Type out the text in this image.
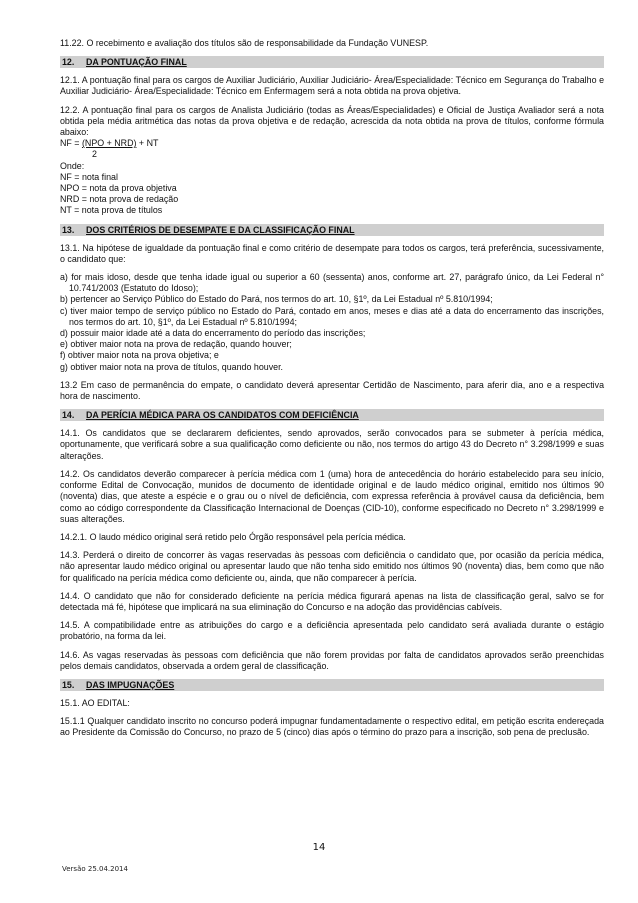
11.22. O recebimento e avaliação dos títulos são de responsabilidade da Fundação VUNESP.

12. DA PONTUAÇÃO FINAL

12.1. A pontuação final para os cargos de Auxiliar Judiciário, Auxiliar Judiciário- Área/Especialidade: Técnico em Segurança do Trabalho e Auxiliar Judiciário- Área/Especialidade: Técnico em Enfermagem será a nota obtida na prova objetiva.

12.2. A pontuação final para os cargos de Analista Judiciário (todas as Áreas/Especialidades) e Oficial de Justiça Avaliador será a nota obtida pela média aritmética das notas da prova objetiva e de redação, acrescida da nota obtida na prova de títulos, conforme fórmula abaixo:

NF = (NPO + NRD) + NT

2

Onde:

NF = nota final

NPO = nota da prova objetiva

NRD = nota prova de redação

NT = nota prova de títulos

13. DOS CRITÉRIOS DE DESEMPATE E DA CLASSIFICAÇÃO FINAL

13.1. Na hipótese de igualdade da pontuação final e como critério de desempate para todos os cargos, terá preferência, sucessivamente, o candidato que:

a) for mais idoso, desde que tenha idade igual ou superior a 60 (sessenta) anos, conforme art. 27, parágrafo único, da Lei Federal n° 10.741/2003 (Estatuto do Idoso);

b) pertencer ao Serviço Público do Estado do Pará, nos termos do art. 10, §1º, da Lei Estadual nº 5.810/1994;

c) tiver maior tempo de serviço público no Estado do Pará, contado em anos, meses e dias até a data do encerramento das inscrições, nos termos do art. 10, §1º, da Lei Estadual nº 5.810/1994;

d) possuir maior idade até a data do encerramento do período das inscrições;

e) obtiver maior nota na prova de redação, quando houver;

f) obtiver maior nota na prova objetiva; e

g) obtiver maior nota na prova de títulos, quando houver.

13.2 Em caso de permanência do empate, o candidato deverá apresentar Certidão de Nascimento, para aferir dia, ano e a respectiva hora de nascimento.

14. DA PERÍCIA MÉDICA PARA OS CANDIDATOS COM DEFICIÊNCIA

14.1. Os candidatos que se declararem deficientes, sendo aprovados, serão convocados para se submeter à perícia médica, oportunamente, que verificará sobre a sua qualificação como deficiente ou não, nos termos do artigo 43 do Decreto n° 3.298/1999 e suas alterações.

14.2. Os candidatos deverão comparecer à perícia médica com 1 (uma) hora de antecedência do horário estabelecido para seu início, conforme Edital de Convocação, munidos de documento de identidade original e de laudo médico original, emitido nos últimos 90 (noventa) dias, que ateste a espécie e o grau ou o nível de deficiência, com expressa referência à provável causa da deficiência, bem como ao código correspondente da Classificação Internacional de Doenças (CID-10), conforme especificado no Decreto n° 3.298/1999 e suas alterações.

14.2.1. O laudo médico original será retido pelo Órgão responsável pela perícia médica.

14.3. Perderá o direito de concorrer às vagas reservadas às pessoas com deficiência o candidato que, por ocasião da perícia médica, não apresentar laudo médico original ou apresentar laudo que não tenha sido emitido nos últimos 90 (noventa) dias, bem como que não for qualificado na perícia médica como deficiente ou, ainda, que não comparecer à perícia.

14.4. O candidato que não for considerado deficiente na perícia médica figurará apenas na lista de classificação geral, salvo se for detectada má fé, hipótese que implicará na sua eliminação do Concurso e na adoção das providências cabíveis.

14.5. A compatibilidade entre as atribuições do cargo e a deficiência apresentada pelo candidato será avaliada durante o estágio probatório, na forma da lei.

14.6. As vagas reservadas às pessoas com deficiência que não forem providas por falta de candidatos aprovados serão preenchidas pelos demais candidatos, observada a ordem geral de classificação.

15. DAS IMPUGNAÇÕES

15.1. AO EDITAL:

15.1.1 Qualquer candidato inscrito no concurso poderá impugnar fundamentadamente o respectivo edital, em petição escrita endereçada ao Presidente da Comissão do Concurso, no prazo de 5 (cinco) dias após o término do prazo para a inscrição, sob pena de preclusão.

14
Versão 25.04.2014
